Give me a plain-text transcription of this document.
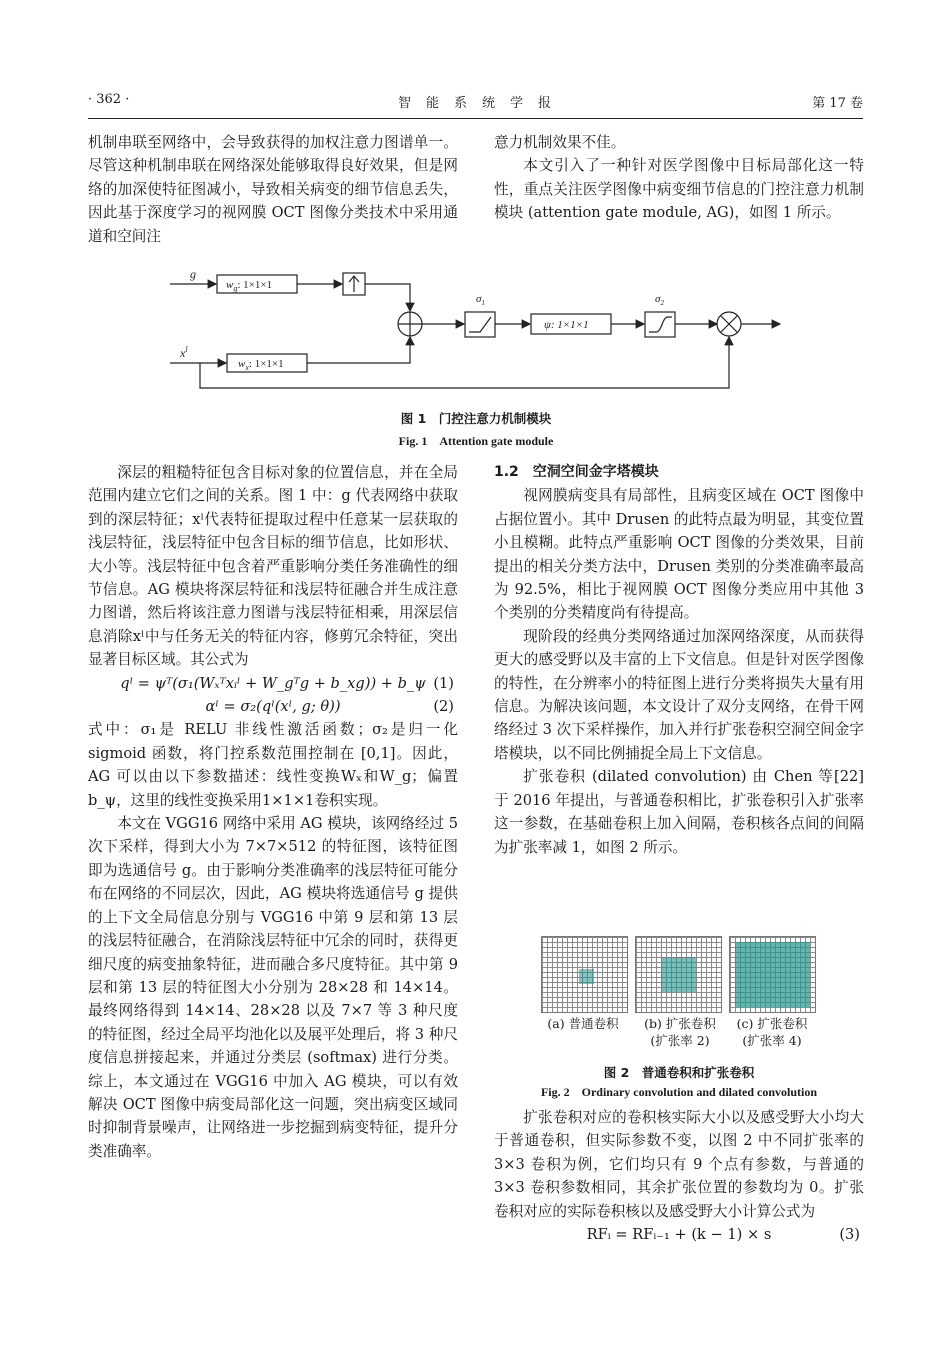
· 362 ·	智　能　系　统　学　报	第 17 卷

机制串联至网络中，会导致获得的加权注意力图谱单一。尽管这种机制串联在网络深处能够取得良好效果，但是网络的加深使特征图减小，导致相关病变的细节信息丢失，因此基于深度学习的视网膜 OCT 图像分类技术中采用通道和空间注

意力机制效果不佳。

本文引入了一种针对医学图像中目标局部化这一特性，重点关注医学图像中病变细节信息的门控注意力机制模块 (attention gate module, AG)，如图 1 所示。

g
$w_g$: 1×1×1
$x^l$
$w_x$: 1×1×1
$\sigma_1$
ψ: 1×1×1
$\sigma_2$
图 1　门控注意力机制模块
Fig. 1　Attention gate module

深层的粗糙特征包含目标对象的位置信息，并在全局范围内建立它们之间的关系。图 1 中：g 代表网络中获取到的深层特征；xˡ代表特征提取过程中任意某一层获取的浅层特征，浅层特征中包含目标的细节信息，比如形状、大小等。浅层特征中包含着严重影响分类任务准确性的细节信息。AG 模块将深层特征和浅层特征融合并生成注意力图谱，然后将该注意力图谱与浅层特征相乘，用深层信息消除xˡ中与任务无关的特征内容，修剪冗余特征，突出显著目标区域。其公式为

qˡ = ψᵀ(σ₁(Wₓᵀxᵢˡ + W_gᵀg + b_xg)) + b_ψ (1)
αˡ = σ₂(qˡ(xˡ, g; θ))	(2)

式中：σ₁是 RELU 非线性激活函数；σ₂是归一化 sigmoid 函数，将门控系数范围控制在 [0,1]。因此，AG 可以由以下参数描述：线性变换Wₓ和W_g；偏置b_ψ，这里的线性变换采用1×1×1卷积实现。

本文在 VGG16 网络中采用 AG 模块，该网络经过 5 次下采样，得到大小为 7×7×512 的特征图，该特征图即为选通信号 g。由于影响分类准确率的浅层特征可能分布在网络的不同层次，因此，AG 模块将选通信号 g 提供的上下文全局信息分别与 VGG16 中第 9 层和第 13 层的浅层特征融合，在消除浅层特征中冗余的同时，获得更细尺度的病变抽象特征，进而融合多尺度特征。其中第 9 层和第 13 层的特征图大小分别为 28×28 和 14×14。最终网络得到 14×14、28×28 以及 7×7 等 3 种尺度的特征图，经过全局平均池化以及展平处理后，将 3 种尺度信息拼接起来，并通过分类层 (softmax) 进行分类。综上，本文通过在 VGG16 中加入 AG 模块，可以有效解决 OCT 图像中病变局部化这一问题，突出病变区域同时抑制背景噪声，让网络进一步挖掘到病变特征，提升分类准确率。

1.2　空洞空间金字塔模块

视网膜病变具有局部性，且病变区域在 OCT 图像中占据位置小。其中 Drusen 的此特点最为明显，其变位置小且模糊。此特点严重影响 OCT 图像的分类效果，目前提出的相关分类方法中，Drusen 类别的分类准确率最高为 92.5%，相比于视网膜 OCT 图像分类应用中其他 3 个类别的分类精度尚有待提高。

现阶段的经典分类网络通过加深网络深度，从而获得更大的感受野以及丰富的上下文信息。但是针对医学图像的特性，在分辨率小的特征图上进行分类将损失大量有用信息。为解决该问题，本文设计了双分支网络，在骨干网络经过 3 次下采样操作，加入并行扩张卷积空洞空间金字塔模块，以不同比例捕捉全局上下文信息。

扩张卷积 (dilated convolution) 由 Chen 等[22]于 2016 年提出，与普通卷积相比，扩张卷积引入扩张率这一参数，在基础卷积上加入间隔，卷积核各点间的间隔为扩张率减 1，如图 2 所示。

(a) 普通卷积	(b) 扩张卷积
(扩张率 2)
(c) 扩张卷积
(扩张率 4)
图 2　普通卷积和扩张卷积
Fig. 2　Ordinary convolution and dilated convolution

扩张卷积对应的卷积核实际大小以及感受野大小均大于普通卷积，但实际参数不变，以图 2 中不同扩张率的 3×3 卷积为例，它们均只有 9 个点有参数，与普通的 3×3 卷积参数相同，其余扩张位置的参数均为 0。扩张卷积对应的实际卷积核以及感受野大小计算公式为

RFᵢ = RFᵢ₋₁ + (k − 1) × s	(3)
